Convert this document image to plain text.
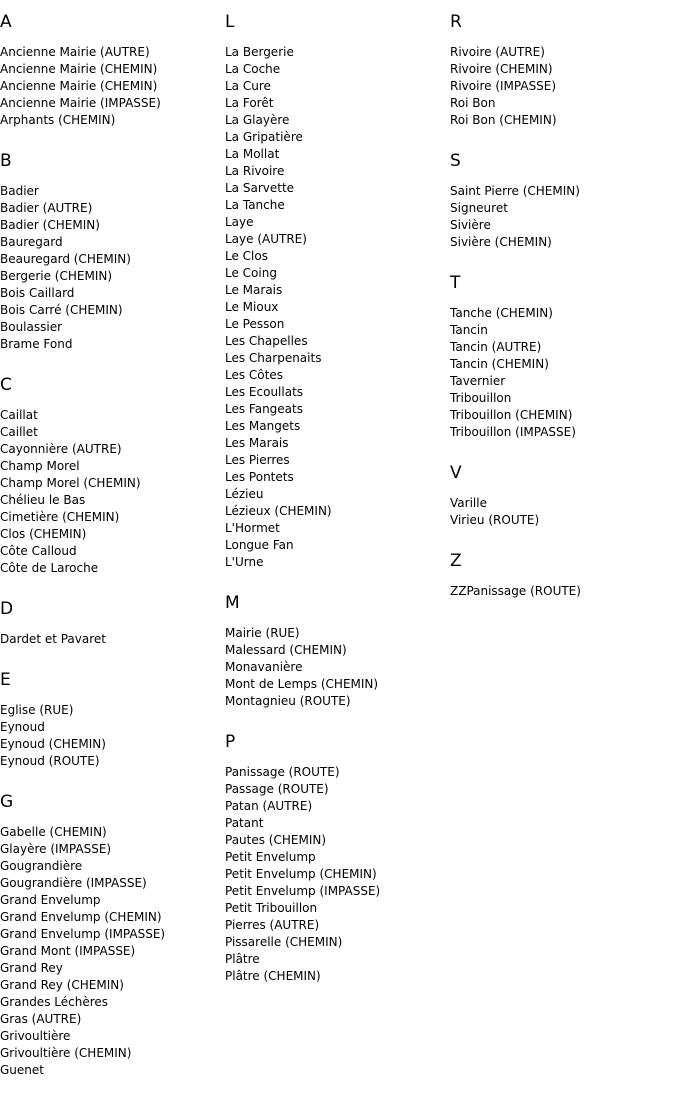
A
Ancienne Mairie (AUTRE)
Ancienne Mairie (CHEMIN)
Ancienne Mairie (CHEMIN)
Ancienne Mairie (IMPASSE)
Arphants (CHEMIN)
B
Badier
Badier (AUTRE)
Badier (CHEMIN)
Bauregard
Beauregard (CHEMIN)
Bergerie (CHEMIN)
Bois Caillard
Bois Carré (CHEMIN)
Boulassier
Brame Fond
C
Caillat
Caillet
Cayonnière (AUTRE)
Champ Morel
Champ Morel (CHEMIN)
Chélieu le Bas
Cimetière (CHEMIN)
Clos (CHEMIN)
Côte Calloud
Côte de Laroche
D
Dardet et Pavaret
E
Eglise (RUE)
Eynoud
Eynoud (CHEMIN)
Eynoud (ROUTE)
G
Gabelle (CHEMIN)
Glayère (IMPASSE)
Gougrandière
Gougrandière (IMPASSE)
Grand Envelump
Grand Envelump (CHEMIN)
Grand Envelump (IMPASSE)
Grand Mont (IMPASSE)
Grand Rey
Grand Rey (CHEMIN)
Grandes Léchères
Gras (AUTRE)
Grivoultière
Grivoultière (CHEMIN)
Guenet
L
La Bergerie
La Coche
La Cure
La Forêt
La Glayère
La Gripatière
La Mollat
La Rivoire
La Sarvette
La Tanche
Laye
Laye (AUTRE)
Le Clos
Le Coing
Le Marais
Le Mioux
Le Pesson
Les Chapelles
Les Charpenaits
Les Côtes
Les Ecoullats
Les Fangeats
Les Mangets
Les Marais
Les Pierres
Les Pontets
Lézieu
Lézieux (CHEMIN)
L'Hormet
Longue Fan
L'Urne
M
Mairie (RUE)
Malessard (CHEMIN)
Monavanière
Mont de Lemps (CHEMIN)
Montagnieu (ROUTE)
P
Panissage (ROUTE)
Passage (ROUTE)
Patan (AUTRE)
Patant
Pautes (CHEMIN)
Petit Envelump
Petit Envelump (CHEMIN)
Petit Envelump (IMPASSE)
Petit Tribouillon
Pierres (AUTRE)
Pissarelle (CHEMIN)
Plâtre
Plâtre (CHEMIN)
R
Rivoire (AUTRE)
Rivoire (CHEMIN)
Rivoire (IMPASSE)
Roi Bon
Roi Bon (CHEMIN)
S
Saint Pierre (CHEMIN)
Signeuret
Sivière
Sivière (CHEMIN)
T
Tanche (CHEMIN)
Tancin
Tancin (AUTRE)
Tancin (CHEMIN)
Tavernier
Tribouillon
Tribouillon (CHEMIN)
Tribouillon (IMPASSE)
V
Varille
Virieu (ROUTE)
Z
ZZPanissage (ROUTE)
